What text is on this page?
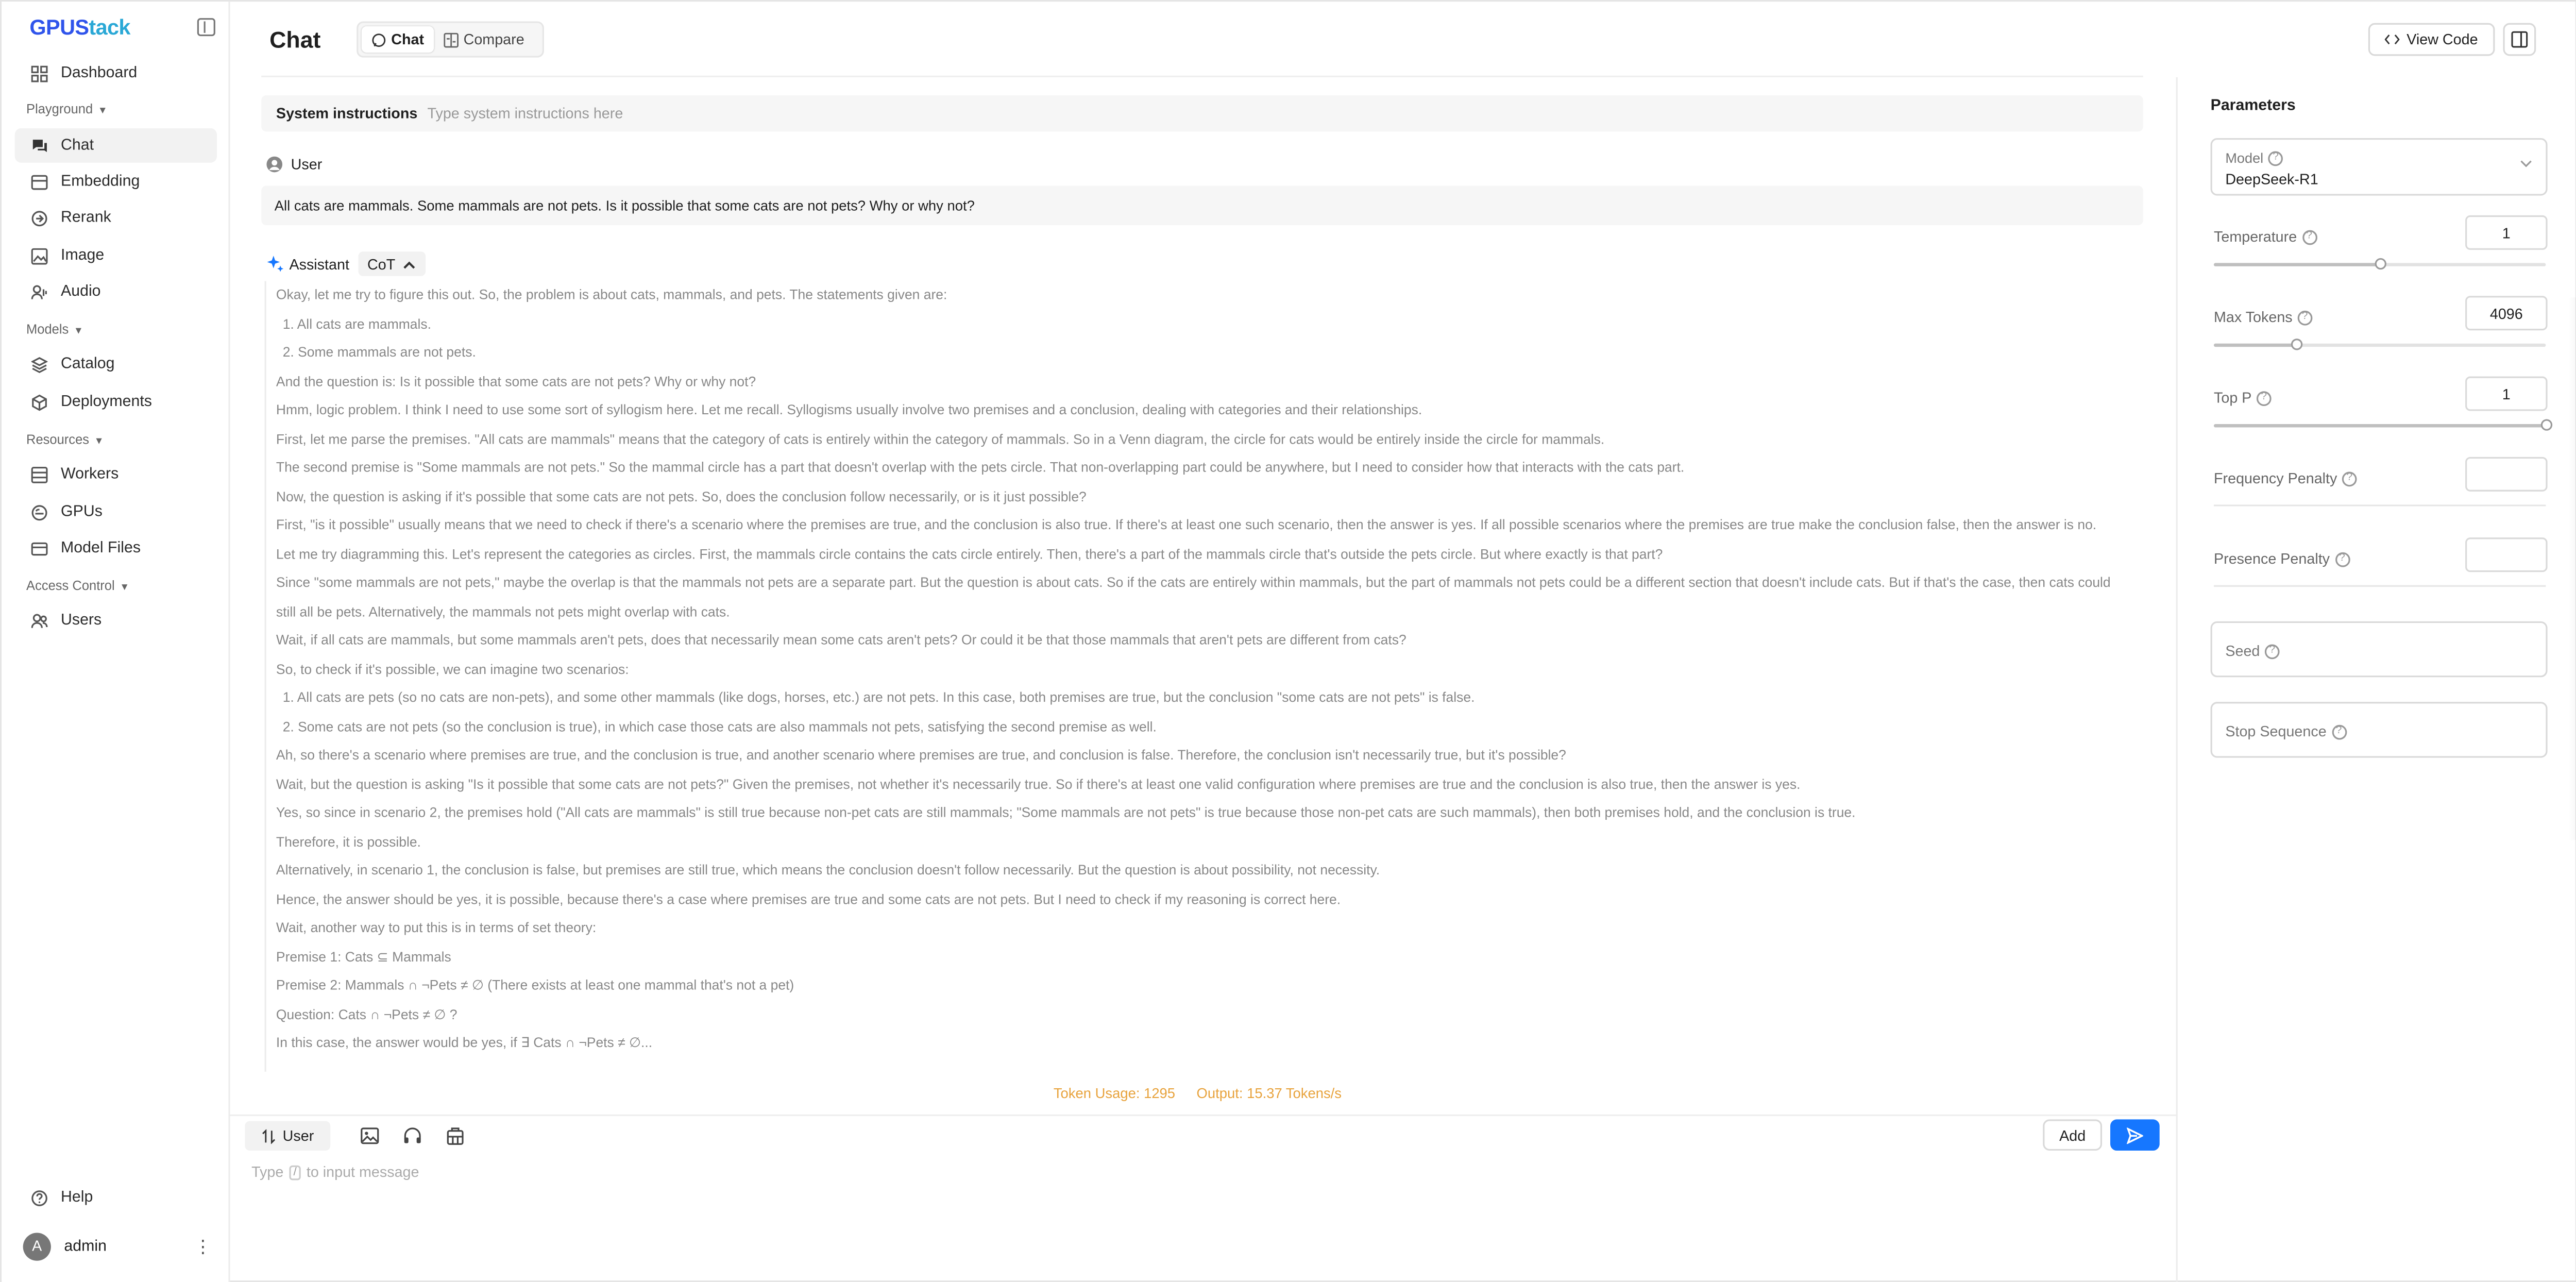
GPUStack
Dashboard
Playground ▼
Chat
Embedding
Rerank
Image
Audio
Models ▼
Catalog
Deployments
Resources ▼
Workers
GPUs
Model Files
Access Control ▼
Users
Help
A	admin	⋮
Chat	Chat	Compare	View Code
System instructions Type system instructions here
User
All cats are mammals. Some mammals are not pets. Is it possible that some cats are not pets? Why or why not?
Assistant	CoT

Okay, let me try to figure this out. So, the problem is about cats, mammals, and pets. The statements given are:

1. All cats are mammals.

2. Some mammals are not pets.

And the question is: Is it possible that some cats are not pets? Why or why not?

Hmm, logic problem. I think I need to use some sort of syllogism here. Let me recall. Syllogisms usually involve two premises and a conclusion, dealing with categories and their relationships.

First, let me parse the premises. "All cats are mammals" means that the category of cats is entirely within the category of mammals. So in a Venn diagram, the circle for cats would be entirely inside the circle for mammals.

The second premise is "Some mammals are not pets." So the mammal circle has a part that doesn't overlap with the pets circle. That non-overlapping part could be anywhere, but I need to consider how that interacts with the cats part.

Now, the question is asking if it's possible that some cats are not pets. So, does the conclusion follow necessarily, or is it just possible?

First, "is it possible" usually means that we need to check if there's a scenario where the premises are true, and the conclusion is also true. If there's at least one such scenario, then the answer is yes. If all possible scenarios where the premises are true make the conclusion false, then the answer is no.

Let me try diagramming this. Let's represent the categories as circles. First, the mammals circle contains the cats circle entirely. Then, there's a part of the mammals circle that's outside the pets circle. But where exactly is that part?

Since "some mammals are not pets," maybe the overlap is that the mammals not pets are a separate part. But the question is about cats. So if the cats are entirely within mammals, but the part of mammals not pets could be a different section that doesn't include cats. But if that's the case, then cats could still all be pets. Alternatively, the mammals not pets might overlap with cats.

Wait, if all cats are mammals, but some mammals aren't pets, does that necessarily mean some cats aren't pets? Or could it be that those mammals that aren't pets are different from cats?

So, to check if it's possible, we can imagine two scenarios:

1. All cats are pets (so no cats are non-pets), and some other mammals (like dogs, horses, etc.) are not pets. In this case, both premises are true, but the conclusion "some cats are not pets" is false.

2. Some cats are not pets (so the conclusion is true), in which case those cats are also mammals not pets, satisfying the second premise as well.

Ah, so there's a scenario where premises are true, and the conclusion is true, and another scenario where premises are true, and conclusion is false. Therefore, the conclusion isn't necessarily true, but it's possible?

Wait, but the question is asking "Is it possible that some cats are not pets?" Given the premises, not whether it's necessarily true. So if there's at least one valid configuration where premises are true and the conclusion is also true, then the answer is yes.

Yes, so since in scenario 2, the premises hold ("All cats are mammals" is still true because non-pet cats are still mammals; "Some mammals are not pets" is true because those non-pet cats are such mammals), then both premises hold, and the conclusion is true.

Therefore, it is possible.

Alternatively, in scenario 1, the conclusion is false, but premises are still true, which means the conclusion doesn't follow necessarily. But the question is about possibility, not necessity.

Hence, the answer should be yes, it is possible, because there's a case where premises are true and some cats are not pets. But I need to check if my reasoning is correct here.

Wait, another way to put this is in terms of set theory:

Premise 1: Cats ⊆ Mammals

Premise 2: Mammals ∩ ¬Pets ≠ ∅ (There exists at least one mammal that's not a pet)

Question: Cats ∩ ¬Pets ≠ ∅ ?

In this case, the answer would be yes, if ∃ Cats ∩ ¬Pets ≠ ∅...

Token Usage: 1295	Output: 15.37 Tokens/s
User	Add
Type	/	to input message
Parameters
Model	?
DeepSeek-R1
Temperature	?	1
Max Tokens	?	4096
Top P	?	1
Frequency Penalty	?
Presence Penalty	?
Seed	?
Stop Sequence	?
